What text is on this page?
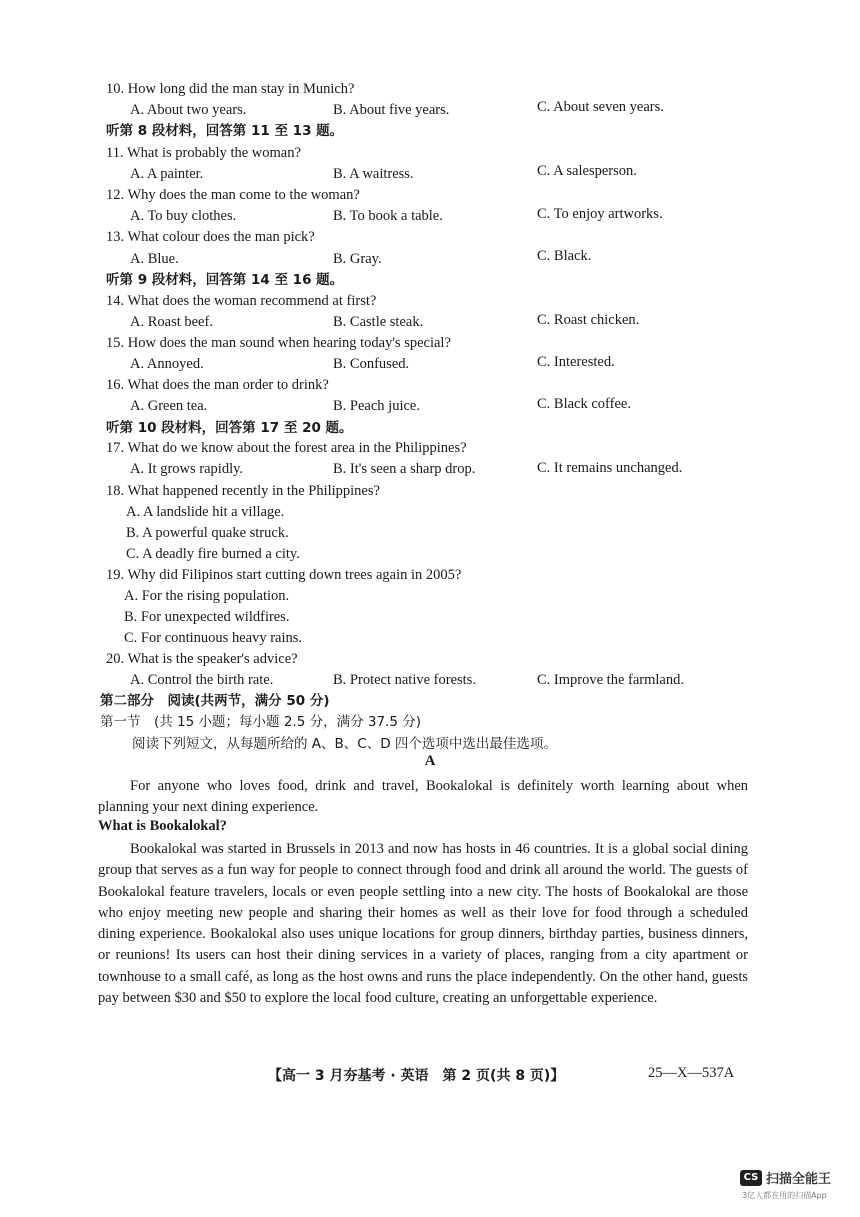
10. How long did the man stay in Munich?
A. About two years.	B. About five years.	C. About seven years.
听第 8 段材料，回答第 11 至 13 题。
11. What is probably the woman?
A. A painter.	B. A waitress.	C. A salesperson.
12. Why does the man come to the woman?
A. To buy clothes.	B. To book a table.	C. To enjoy artworks.
13. What colour does the man pick?
A. Blue.	B. Gray.	C. Black.
听第 9 段材料，回答第 14 至 16 题。
14. What does the woman recommend at first?
A. Roast beef.	B. Castle steak.	C. Roast chicken.
15. How does the man sound when hearing today's special?
A. Annoyed.	B. Confused.	C. Interested.
16. What does the man order to drink?
A. Green tea.	B. Peach juice.	C. Black coffee.
听第 10 段材料，回答第 17 至 20 题。
17. What do we know about the forest area in the Philippines?
A. It grows rapidly.	B. It's seen a sharp drop.	C. It remains unchanged.
18. What happened recently in the Philippines?
A. A landslide hit a village.
B. A powerful quake struck.
C. A deadly fire burned a city.
19. Why did Filipinos start cutting down trees again in 2005?
A. For the rising population.
B. For unexpected wildfires.
C. For continuous heavy rains.
20. What is the speaker's advice?
A. Control the birth rate.	B. Protect native forests.	C. Improve the farmland.
第二部分　阅读(共两节，满分 50 分)
第一节　(共 15 小题；每小题 2.5 分，满分 37.5 分)
阅读下列短文，从每题所给的 A、B、C、D 四个选项中选出最佳选项。
A

For anyone who loves food, drink and travel, Bookalokal is definitely worth learning about when planning your next dining experience.

What is Bookalokal?

Bookalokal was started in Brussels in 2013 and now has hosts in 46 countries. It is a global social dining group that serves as a fun way for people to connect through food and drink all around the world. The guests of Bookalokal feature travelers, locals or even people settling into a new city. The hosts of Bookalokal are those who enjoy meeting new people and sharing their homes as well as their love for food through a scheduled dining experience. Bookalokal also uses unique locations for group dinners, birthday parties, business dinners, or reunions! Its users can host their dining services in a variety of places, ranging from a city apartment or townhouse to a small café, as long as the host owns and runs the place independently. On the other hand, guests pay between $30 and $50 to explore the local food culture, creating an unforgettable experience.

【高一 3 月夯基考 · 英语　第 2 页(共 8 页)】	25—X—537A
CS 扫描全能王
3亿人都在用的扫描App
